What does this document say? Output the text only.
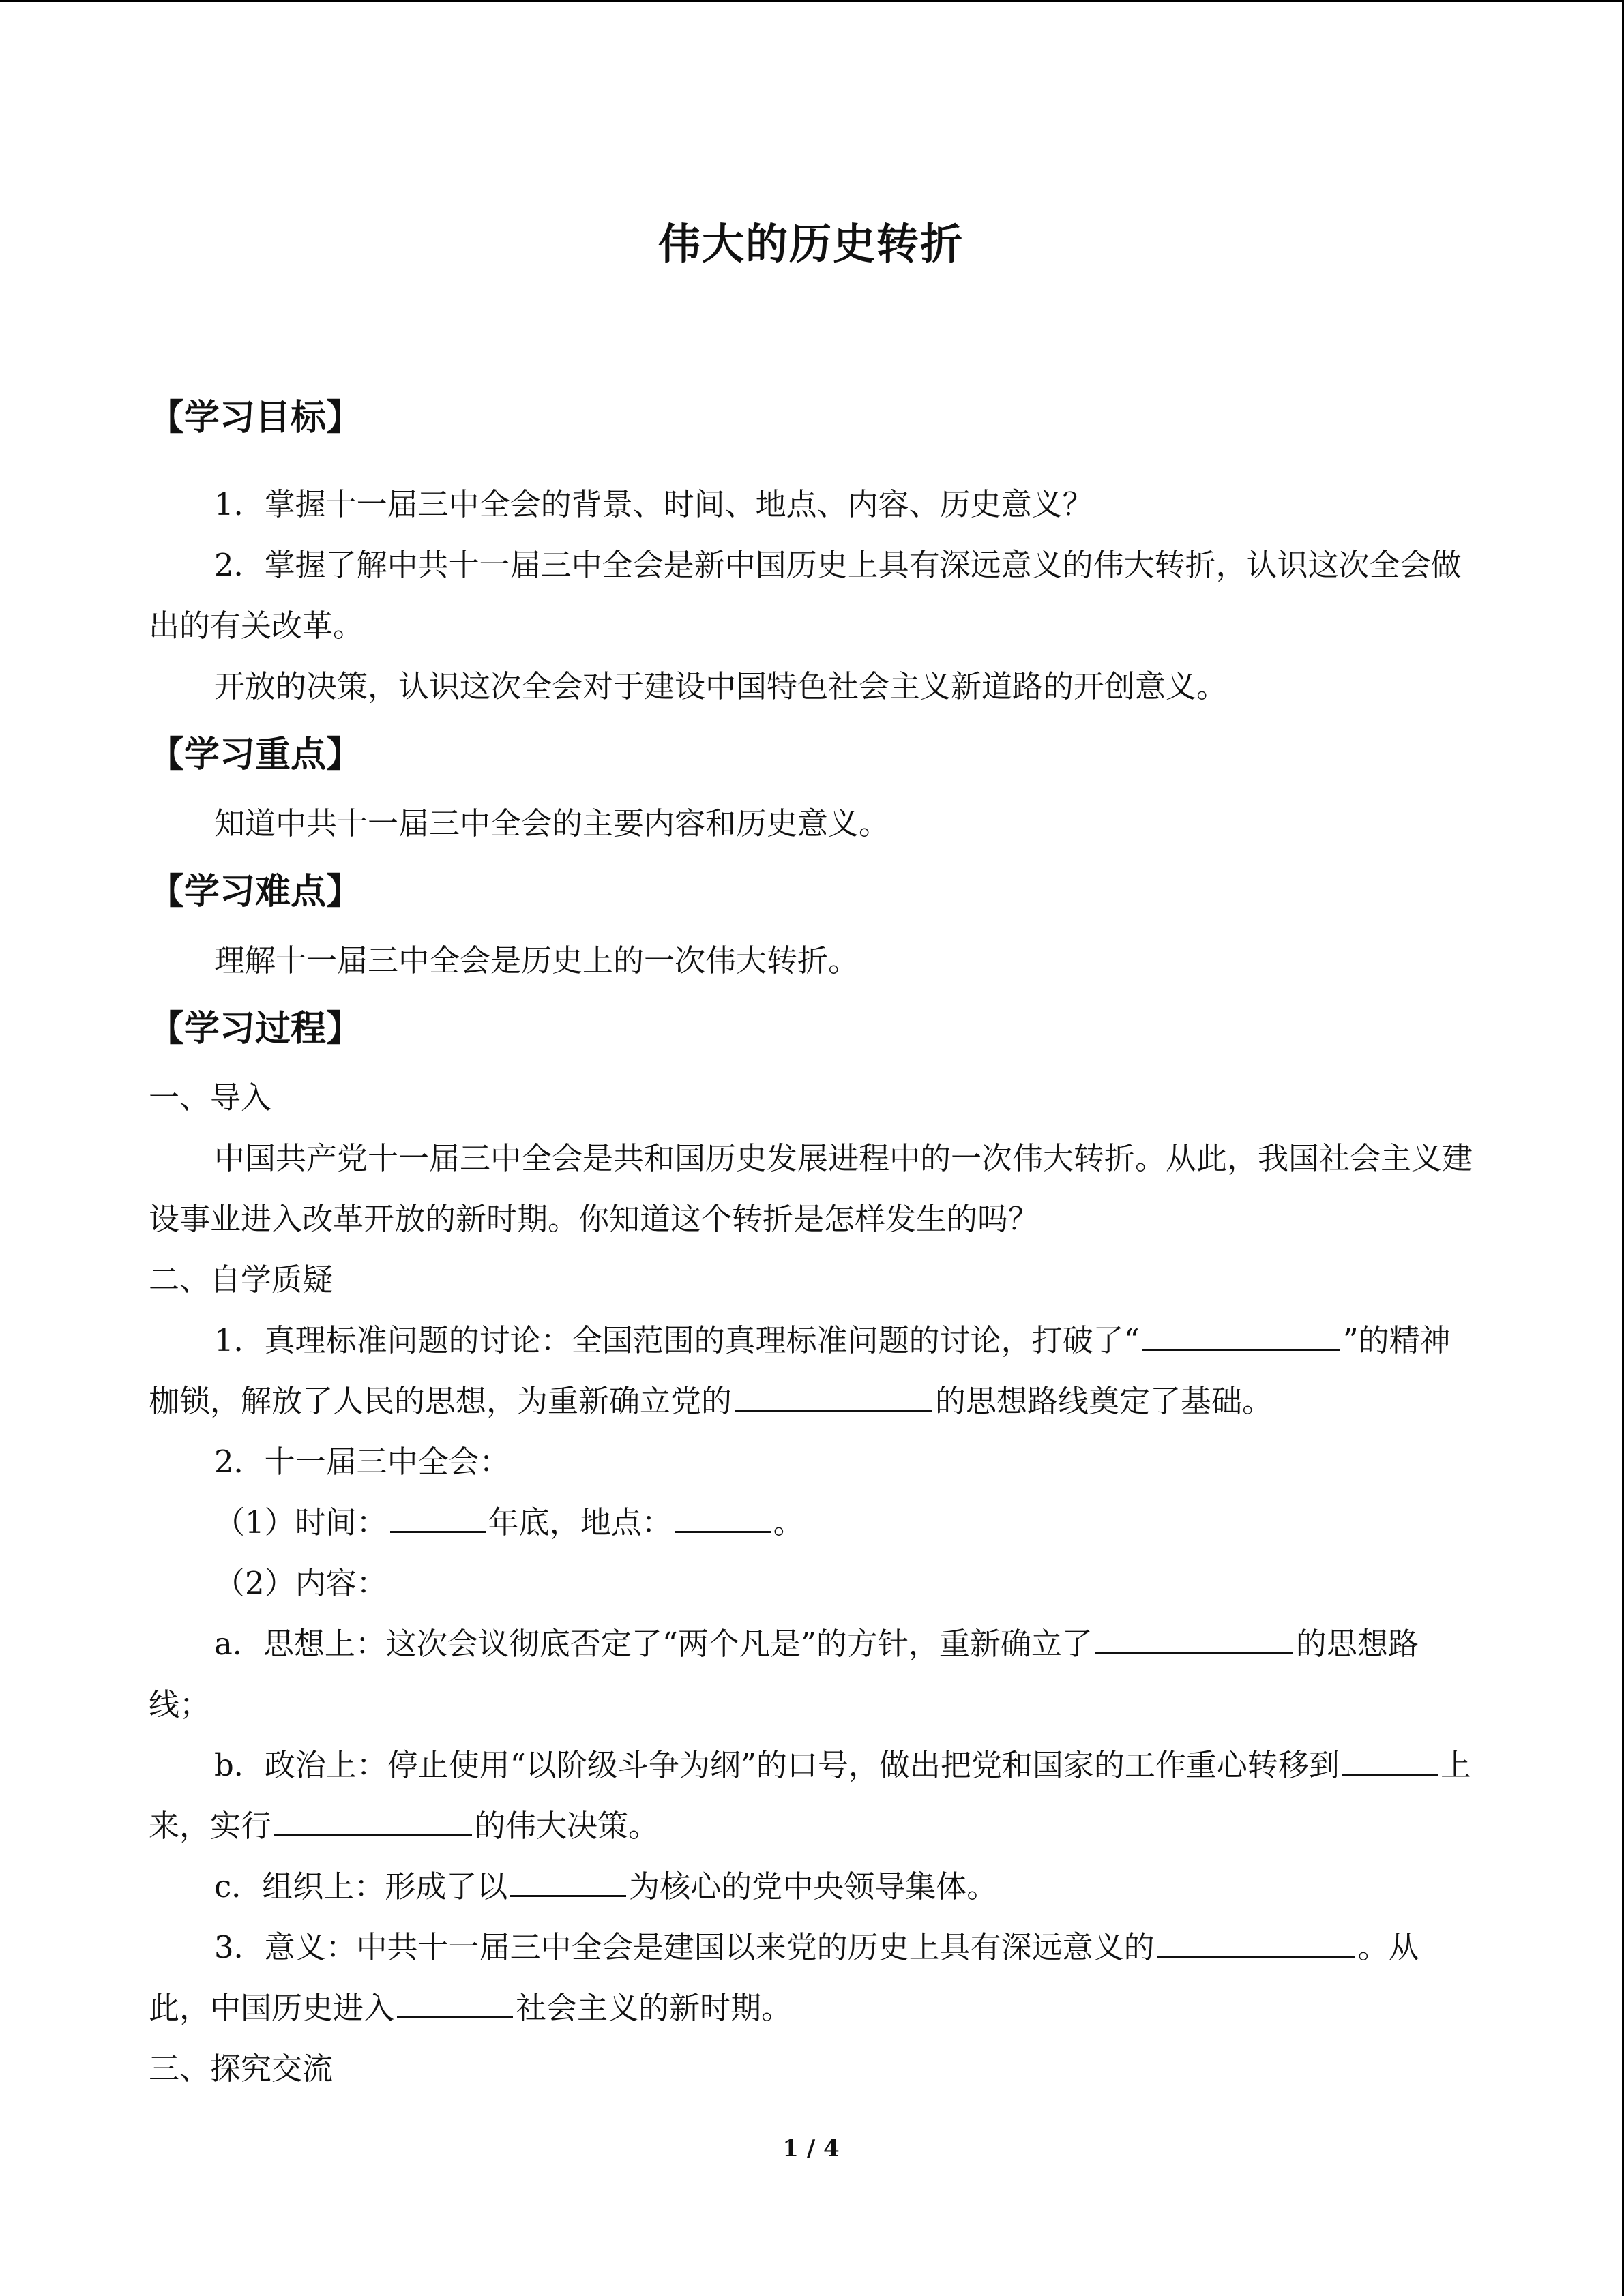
伟大的历史转折

【学习目标】

1．掌握十一届三中全会的背景、时间、地点、内容、历史意义？

2．掌握了解中共十一届三中全会是新中国历史上具有深远意义的伟大转折，认识这次全会做出的有关改革。

开放的决策，认识这次全会对于建设中国特色社会主义新道路的开创意义。

【学习重点】

知道中共十一届三中全会的主要内容和历史意义。

【学习难点】

理解十一届三中全会是历史上的一次伟大转折。

【学习过程】

一、导入

中国共产党十一届三中全会是共和国历史发展进程中的一次伟大转折。从此，我国社会主义建设事业进入改革开放的新时期。你知道这个转折是怎样发生的吗？

二、自学质疑

1．真理标准问题的讨论：全国范围的真理标准问题的讨论，打破了“	”的精神枷锁，解放了人民的思想，为重新确立党的	的思想路线奠定了基础。

2．十一届三中全会：

（1）时间：	年底，地点：	。

（2）内容：

a．思想上：这次会议彻底否定了“两个凡是”的方针，重新确立了	的思想路线；

b．政治上：停止使用“以阶级斗争为纲”的口号，做出把党和国家的工作重心转移到	上来，实行	的伟大决策。

c．组织上：形成了以	为核心的党中央领导集体。

3．意义：中共十一届三中全会是建国以来党的历史上具有深远意义的	。从此，中国历史进入	社会主义的新时期。

三、探究交流

1 / 4
